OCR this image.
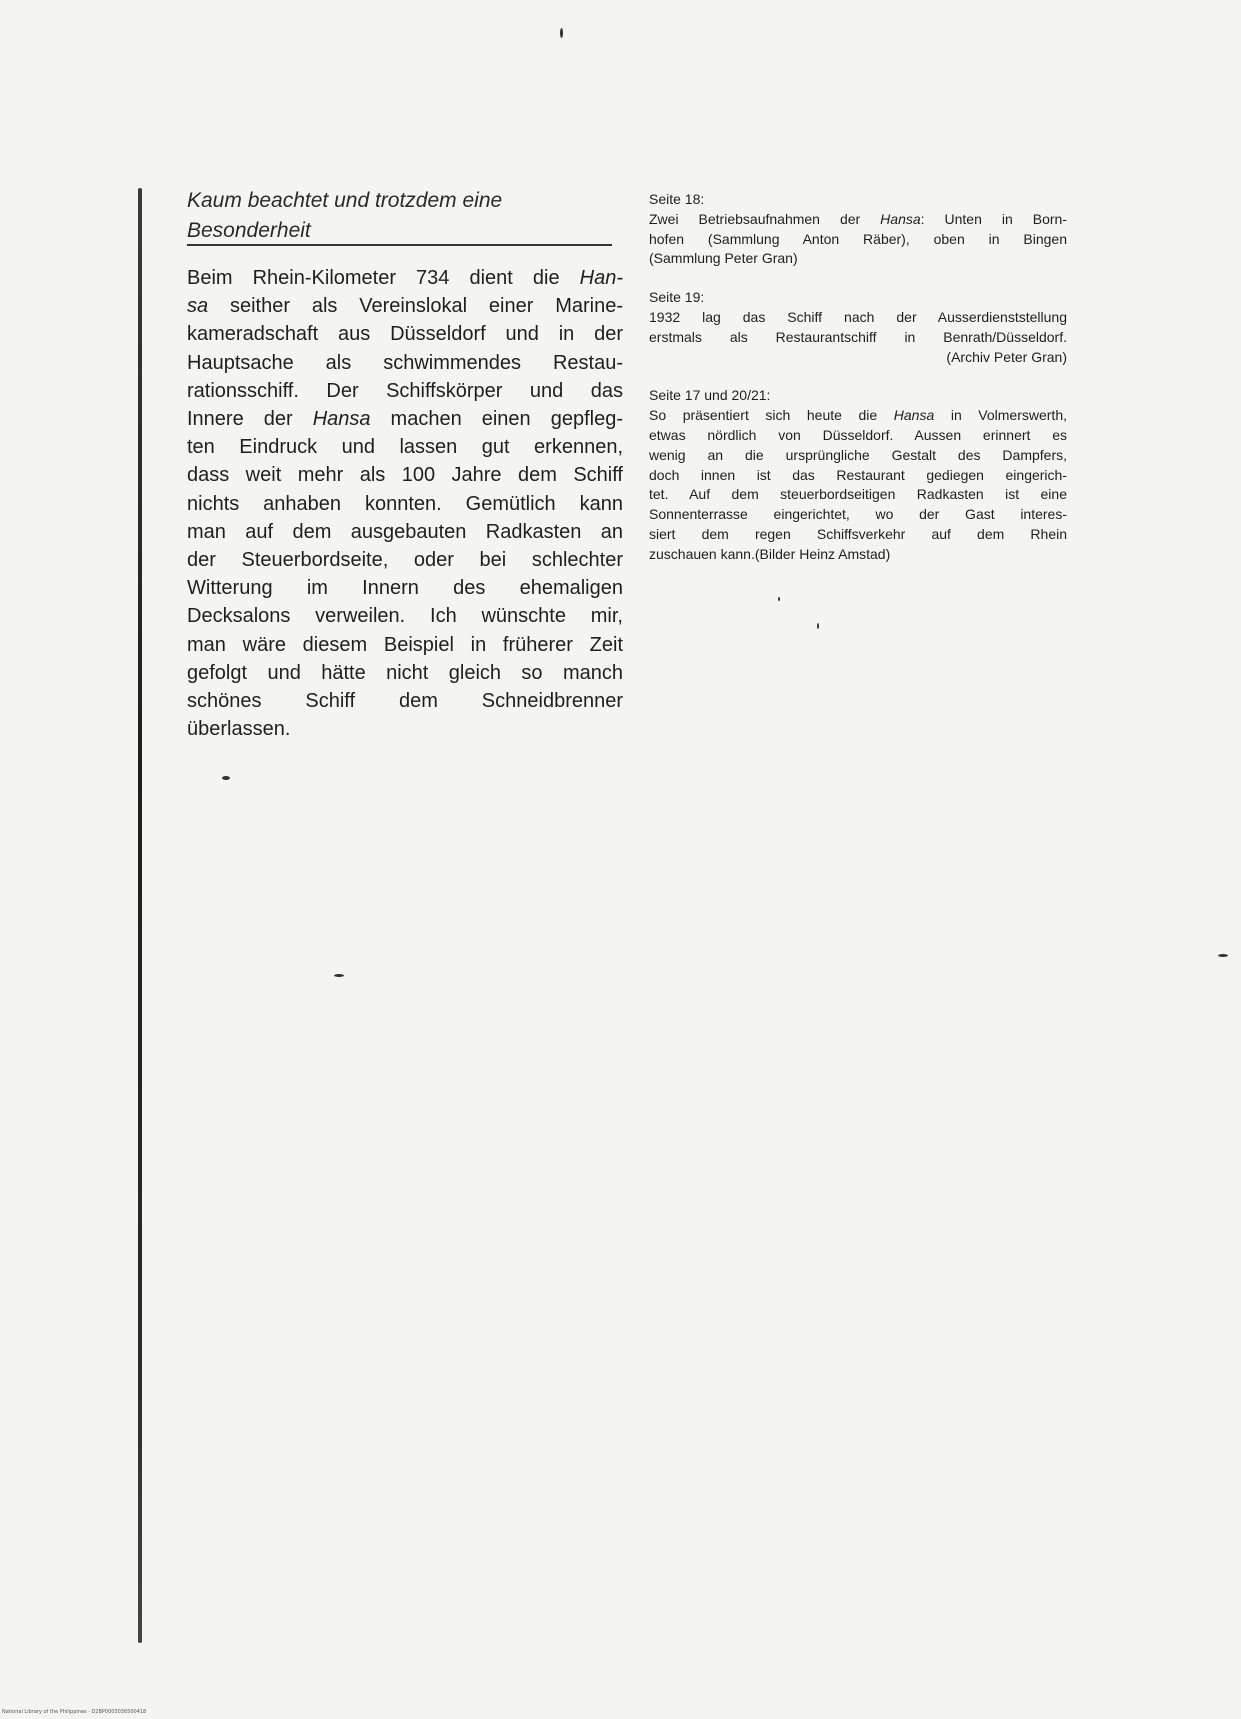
Kaum beachtet und trotzdem eine
Besonderheit
Beim Rhein-Kilometer 734 dient die Han-
sa seither als Vereinslokal einer Marine-
kameradschaft aus Düsseldorf und in der
Hauptsache als schwimmendes Restau-
rationsschiff. Der Schiffskörper und das
Innere der Hansa machen einen gepfleg-
ten Eindruck und lassen gut erkennen,
dass weit mehr als 100 Jahre dem Schiff
nichts anhaben konnten. Gemütlich kann
man auf dem ausgebauten Radkasten an
der Steuerbordseite, oder bei schlechter
Witterung im Innern des ehemaligen
Decksalons verweilen. Ich wünschte mir,
man wäre diesem Beispiel in früherer Zeit
gefolgt und hätte nicht gleich so manch
schönes Schiff dem Schneidbrenner
überlassen.
Seite 18:
Zwei Betriebsaufnahmen der Hansa: Unten in Born-
hofen (Sammlung Anton Räber), oben in Bingen
(Sammlung Peter Gran)
Seite 19:
1932 lag das Schiff nach der Ausserdienststellung
erstmals als Restaurantschiff in Benrath/Düsseldorf.
(Archiv Peter Gran)
Seite 17 und 20/21:
So präsentiert sich heute die Hansa in Volmerswerth,
etwas nördlich von Düsseldorf. Aussen erinnert es
wenig an die ursprüngliche Gestalt des Dampfers,
doch innen ist das Restaurant gediegen eingerich-
tet. Auf dem steuerbordseitigen Radkasten ist eine
Sonnenterrasse eingerichtet, wo der Gast interes-
siert dem regen Schiffsverkehr auf dem Rhein
zuschauen kann.(Bilder Heinz Amstad)
National Library of the Philippines · D2BP0003036500418
